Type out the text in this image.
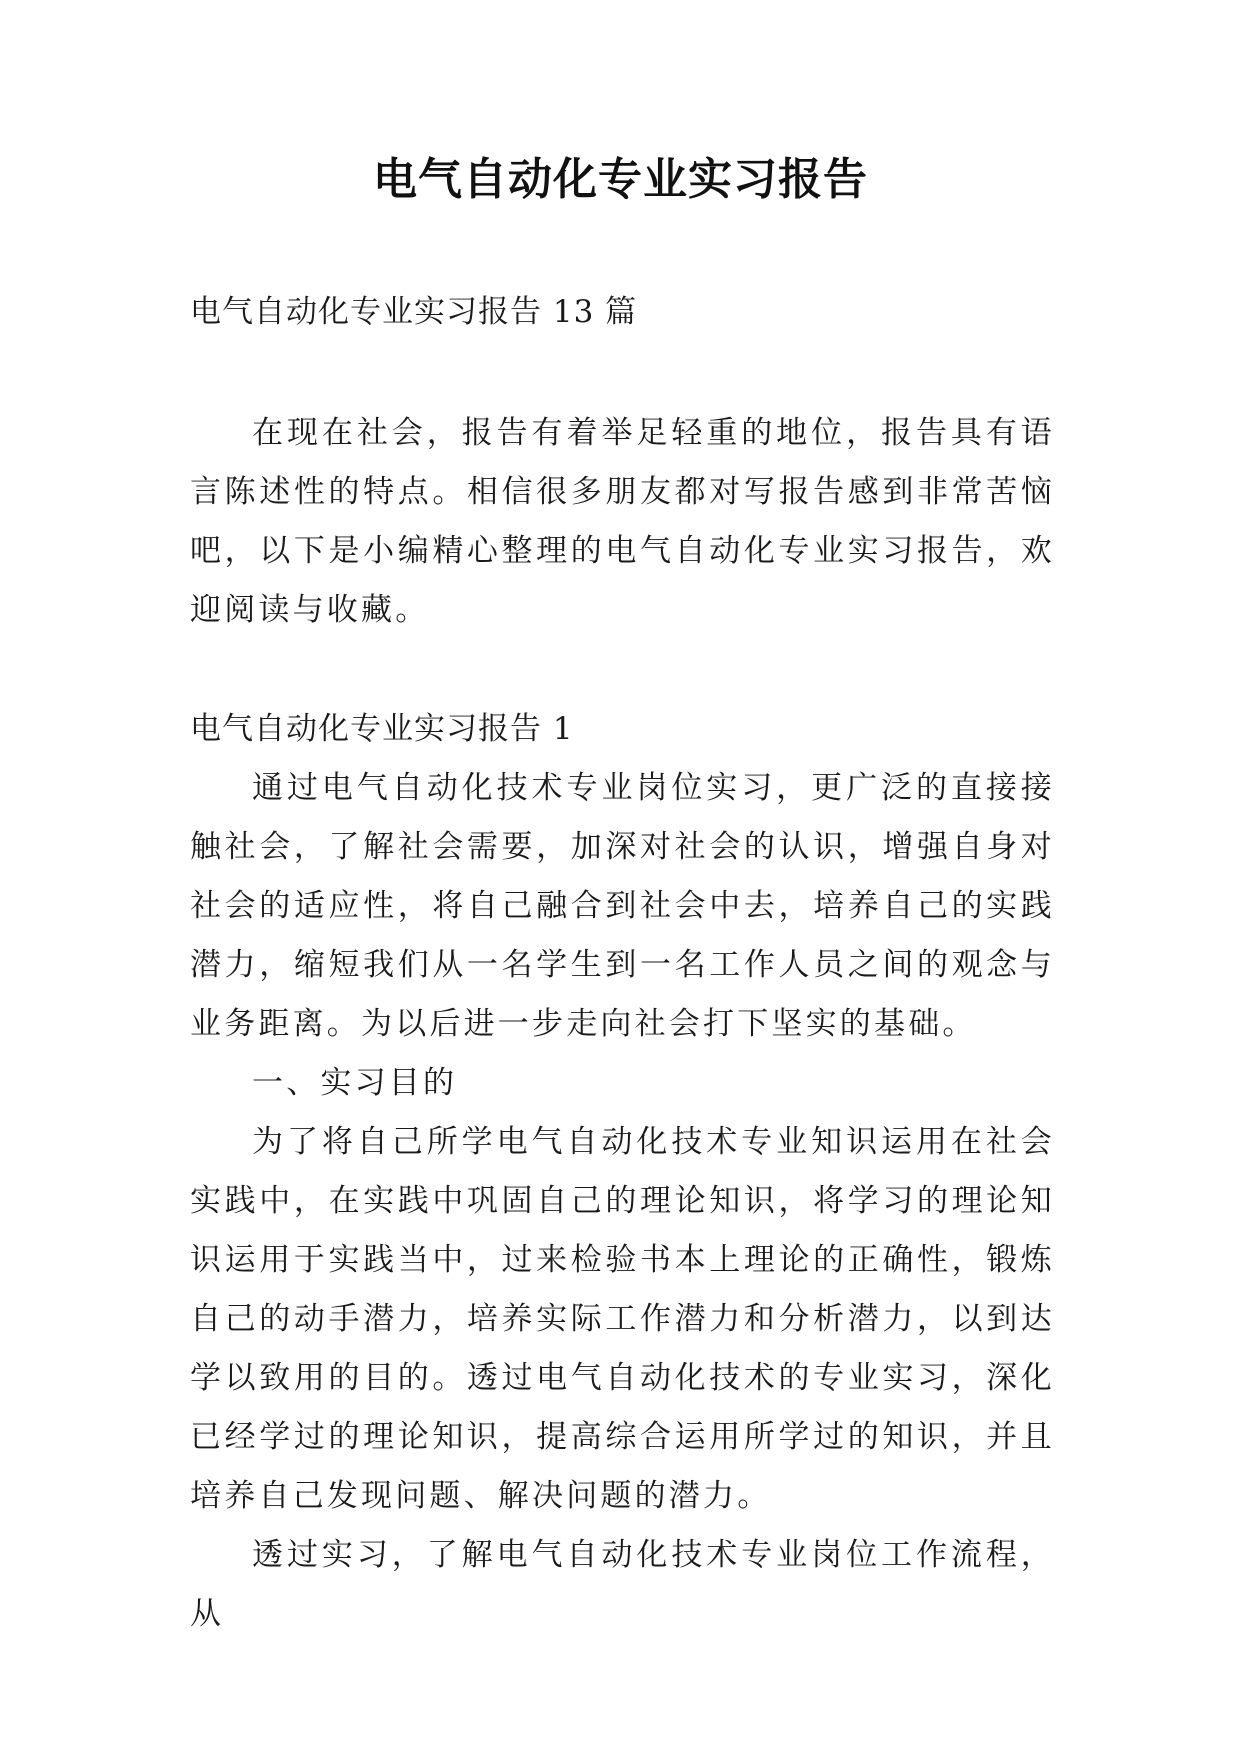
电气自动化专业实习报告
电气自动化专业实习报告 13 篇

在现在社会，报告有着举足轻重的地位，报告具有语言陈述性的特点。相信很多朋友都对写报告感到非常苦恼吧，以下是小编精心整理的电气自动化专业实习报告，欢迎阅读与收藏。

电气自动化专业实习报告 1

通过电气自动化技术专业岗位实习，更广泛的直接接触社会，了解社会需要，加深对社会的认识，增强自身对社会的适应性，将自己融合到社会中去，培养自己的实践潜力，缩短我们从一名学生到一名工作人员之间的观念与业务距离。为以后进一步走向社会打下坚实的基础。

一、实习目的

为了将自己所学电气自动化技术专业知识运用在社会实践中，在实践中巩固自己的理论知识，将学习的理论知识运用于实践当中，过来检验书本上理论的正确性，锻炼自己的动手潜力，培养实际工作潜力和分析潜力，以到达学以致用的目的。透过电气自动化技术的专业实习，深化已经学过的理论知识，提高综合运用所学过的知识，并且培养自己发现问题、解决问题的潜力。

透过实习，了解电气自动化技术专业岗位工作流程，从
